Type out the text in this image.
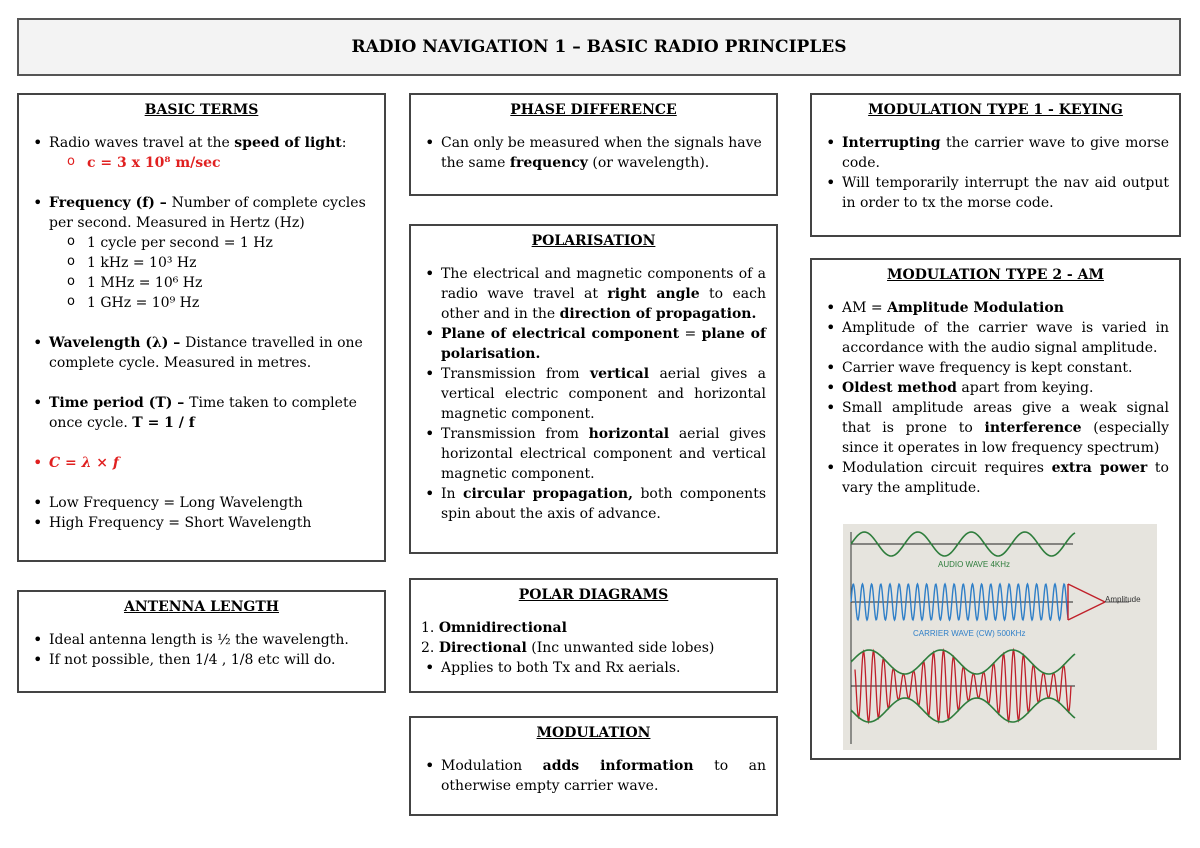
RADIO NAVIGATION 1 – BASIC RADIO PRINCIPLES
BASIC TERMS
• Radio waves travel at the speed of light:
o c = 3 x 10⁸ m/sec
• Frequency (f) – Number of complete cycles per second. Measured in Hertz (Hz)
o 1 cycle per second = 1 Hz
o 1 kHz = 10³ Hz
o 1 MHz = 10⁶ Hz
o 1 GHz = 10⁹ Hz
• Wavelength (λ) – Distance travelled in one complete cycle. Measured in metres.
• Time period (T) – Time taken to complete once cycle. T = 1 / f
• C = λ × f
• Low Frequency = Long Wavelength
• High Frequency = Short Wavelength
ANTENNA LENGTH
• Ideal antenna length is ½ the wavelength.
• If not possible, then 1/4 , 1/8 etc will do.
PHASE DIFFERENCE
• Can only be measured when the signals have the same frequency (or wavelength).
POLARISATION
• The electrical and magnetic components of a radio wave travel at right angle to each other and in the direction of propagation.
• Plane of electrical component = plane of polarisation.
• Transmission from vertical aerial gives a vertical electric component and horizontal magnetic component.
• Transmission from horizontal aerial gives horizontal electrical component and vertical magnetic component.
• In circular propagation, both components spin about the axis of advance.
POLAR DIAGRAMS
1. Omnidirectional
2. Directional (Inc unwanted side lobes)
• Applies to both Tx and Rx aerials.
MODULATION
• Modulation adds information to an otherwise empty carrier wave.
MODULATION TYPE 1 - KEYING
• Interrupting the carrier wave to give morse code.
• Will temporarily interrupt the nav aid output in order to tx the morse code.
MODULATION TYPE 2 - AM
• AM = Amplitude Modulation
• Amplitude of the carrier wave is varied in accordance with the audio signal amplitude.
• Carrier wave frequency is kept constant.
• Oldest method apart from keying.
• Small amplitude areas give a weak signal that is prone to interference (especially since it operates in low frequency spectrum)
• Modulation circuit requires extra power to vary the amplitude.
AUDIO WAVE 4KHz
CARRIER WAVE (CW) 500KHz
Amplitude
